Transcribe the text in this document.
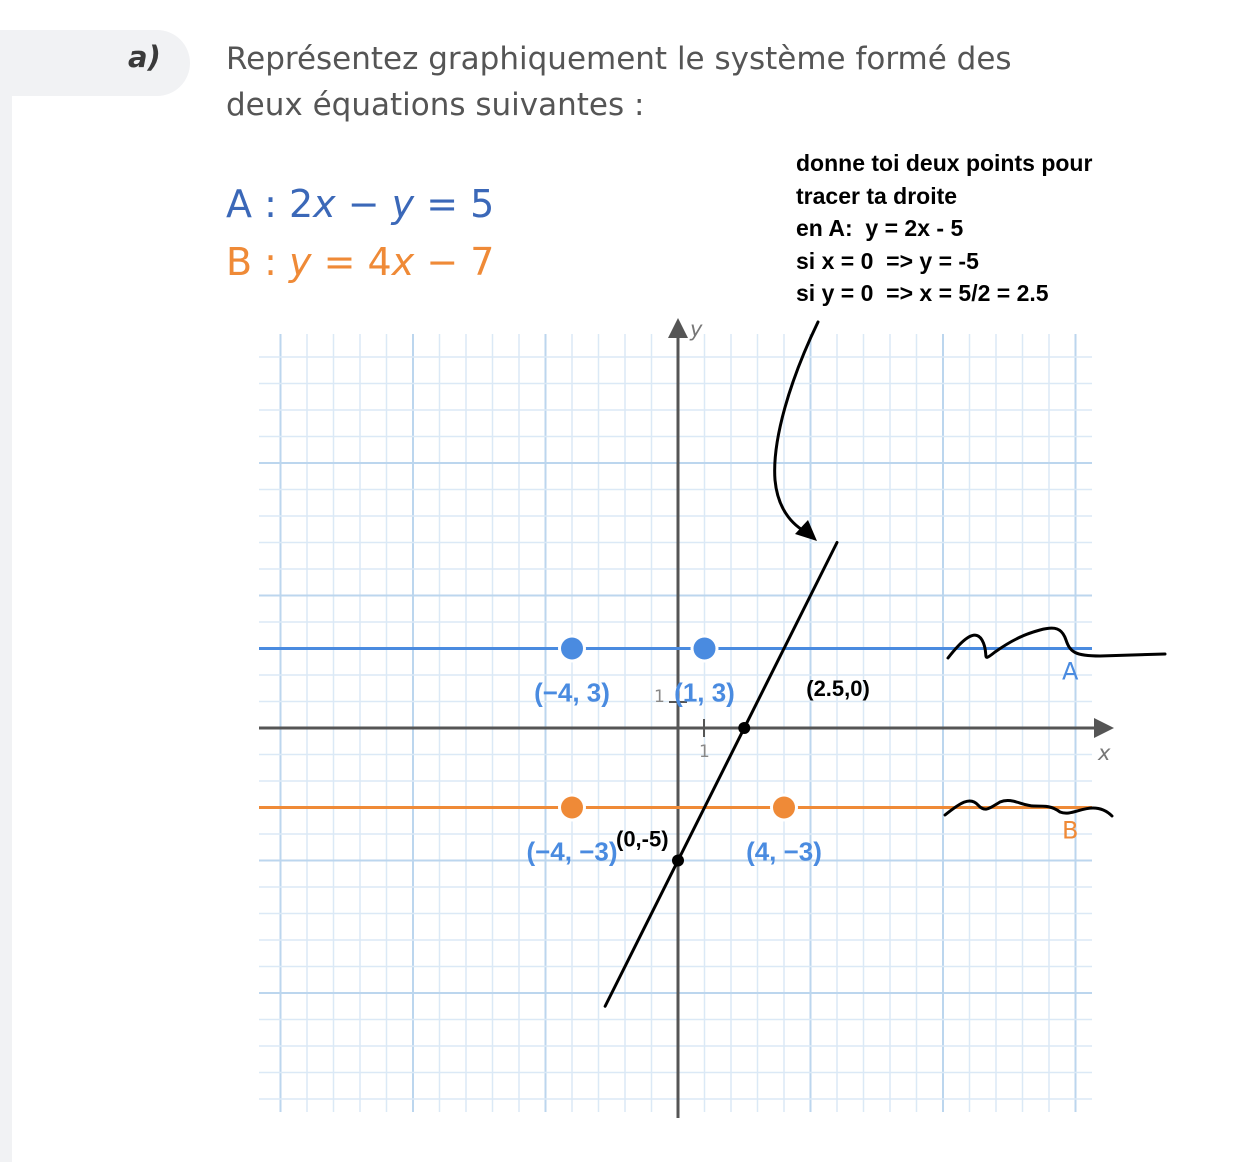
a) Représentez graphiquement le système formé des
deux équations suivantes :
A : 2x − y = 5
B : y = 4x − 7
donne toi deux points pour
tracer ta droite
en A:  y = 2x - 5
si x = 0  => y = -5
si y = 0  => x = 5/2 = 2.5
1
1
x
y
(−4, 3) (1, 3)
(−4, −3)	(4, −3)
A
B
(2.5,0)
(0,-5)
